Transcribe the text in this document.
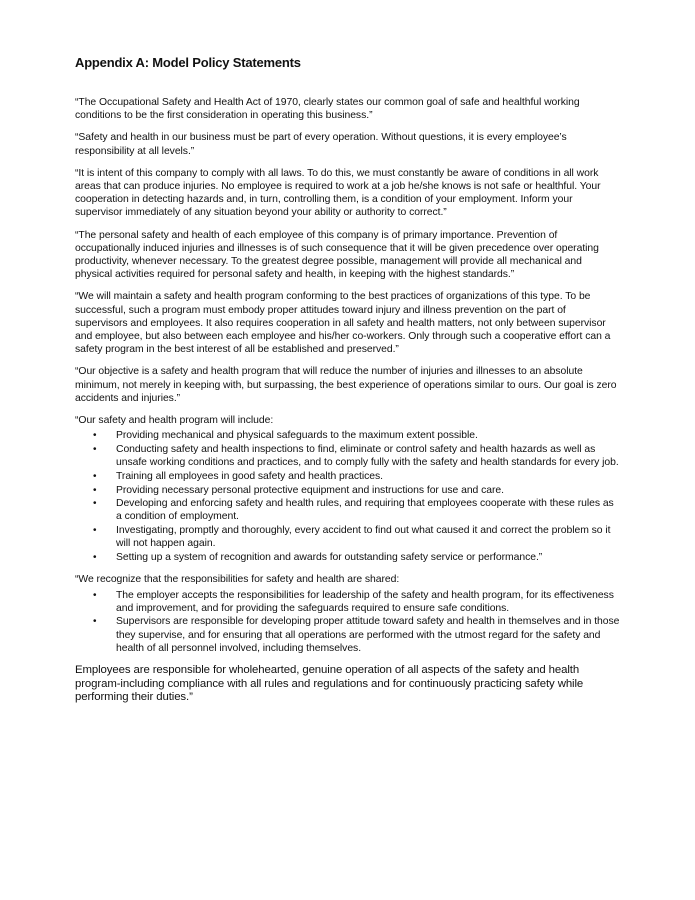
Appendix A: Model Policy Statements

“The Occupational Safety and Health Act of 1970, clearly states our common goal of safe and healthful working conditions to be the first consideration in operating this business.”

“Safety and health in our business must be part of every operation. Without questions, it is every employee’s responsibility at all levels.”

“It is intent of this company to comply with all laws. To do this, we must constantly be aware of conditions in all work areas that can produce injuries. No employee is required to work at a job he/she knows is not safe or healthful. Your cooperation in detecting hazards and, in turn, controlling them, is a condition of your employment. Inform your supervisor immediately of any situation beyond your ability or authority to correct.”

“The personal safety and health of each employee of this company is of primary importance. Prevention of occupationally induced injuries and illnesses is of such consequence that it will be given precedence over operating productivity, whenever necessary. To the greatest degree possible, management will provide all mechanical and physical activities required for personal safety and health, in keeping with the highest standards.”

“We will maintain a safety and health program conforming to the best practices of organizations of this type. To be successful, such a program must embody proper attitudes toward injury and illness prevention on the part of supervisors and employees. It also requires cooperation in all safety and health matters, not only between supervisor and employee, but also between each employee and his/her co-workers. Only through such a cooperative effort can a safety program in the best interest of all be established and preserved.”

“Our objective is a safety and health program that will reduce the number of injuries and illnesses to an absolute minimum, not merely in keeping with, but surpassing, the best experience of operations similar to ours. Our goal is zero accidents and injuries.”

“Our safety and health program will include:

• Providing mechanical and physical safeguards to the maximum extent possible.
• Conducting safety and health inspections to find, eliminate or control safety and health hazards as well as unsafe working conditions and practices, and to comply fully with the safety and health standards for every job.
• Training all employees in good safety and health practices.
• Providing necessary personal protective equipment and instructions for use and care.
• Developing and enforcing safety and health rules, and requiring that employees cooperate with these rules as a condition of employment.
• Investigating, promptly and thoroughly, every accident to find out what caused it and correct the problem so it will not happen again.
• Setting up a system of recognition and awards for outstanding safety service or performance.”

“We recognize that the responsibilities for safety and health are shared:

• The employer accepts the responsibilities for leadership of the safety and health program, for its effectiveness and improvement, and for providing the safeguards required to ensure safe conditions.
• Supervisors are responsible for developing proper attitude toward safety and health in themselves and in those they supervise, and for ensuring that all operations are performed with the utmost regard for the safety and health of all personnel involved, including themselves.

Employees are responsible for wholehearted, genuine operation of all aspects of the safety and health program-including compliance with all rules and regulations and for continuously practicing safety while performing their duties.”
